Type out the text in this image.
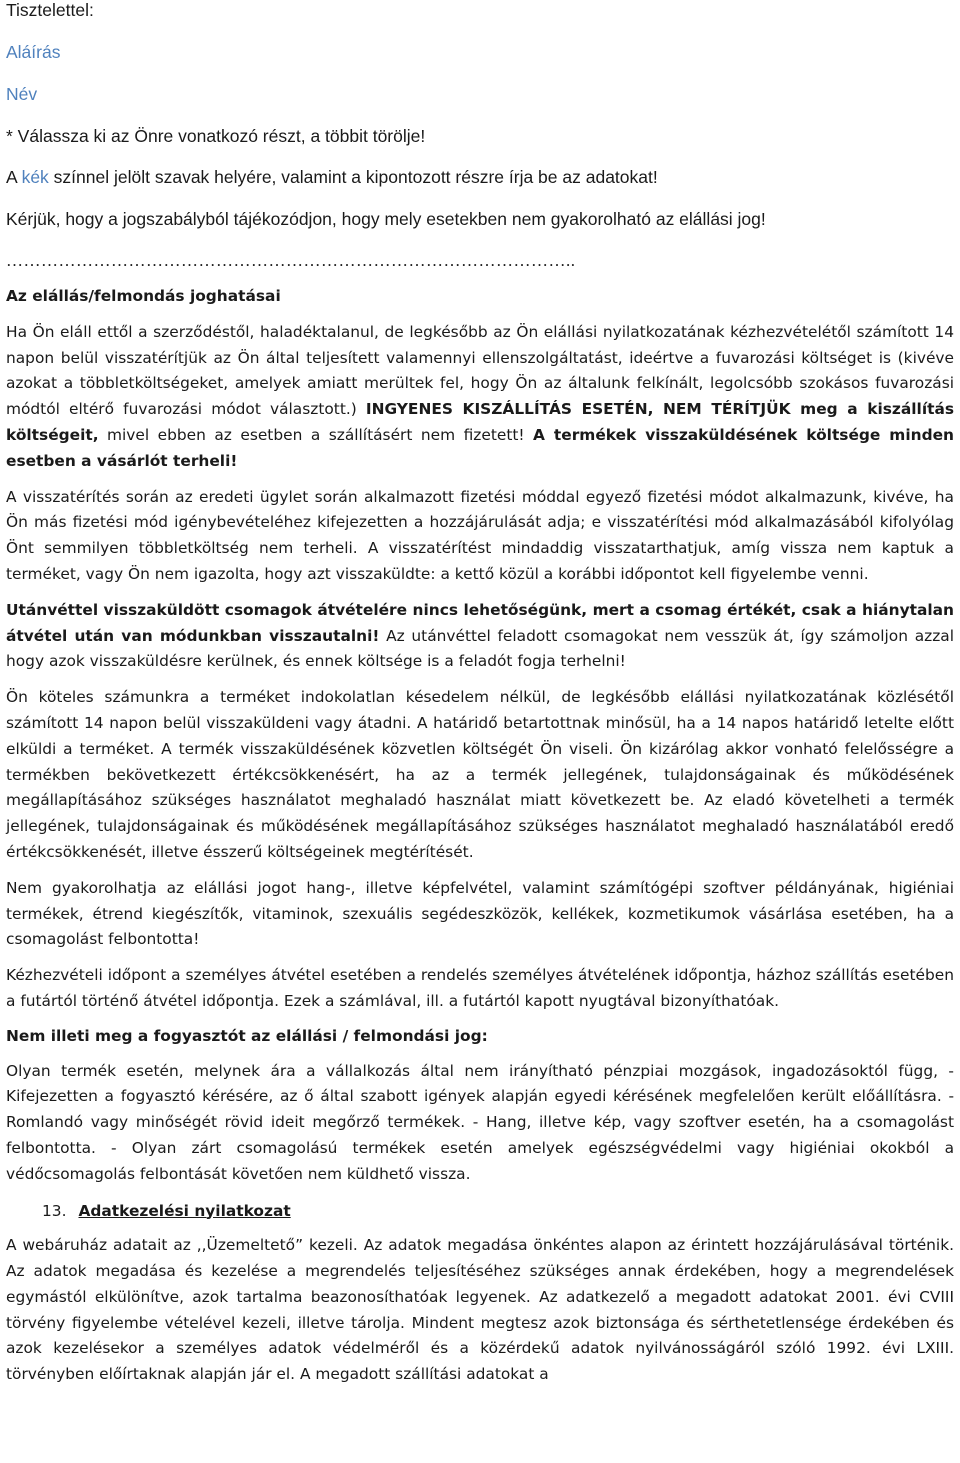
Tisztelettel:

Aláírás

Név

* Válassza ki az Önre vonatkozó részt, a többit törölje!

A kék színnel jelölt szavak helyére, valamint a kipontozott részre írja be az adatokat!

Kérjük, hogy a jogszabályból tájékozódjon, hogy mely esetekben nem gyakorolható az elállási jog!

……………………………………………………………………………………..

Az elállás/felmondás joghatásai

Ha Ön eláll ettől a szerződéstől, haladéktalanul, de legkésőbb az Ön elállási nyilatkozatának kézhezvételétől számított 14 napon belül visszatérítjük az Ön által teljesített valamennyi ellenszolgáltatást, ideértve a fuvarozási költséget is (kivéve azokat a többletköltségeket, amelyek amiatt merültek fel, hogy Ön az általunk felkínált, legolcsóbb szokásos fuvarozási módtól eltérő fuvarozási módot választott.) INGYENES KISZÁLLÍTÁS ESETÉN, NEM TÉRÍTJÜK meg a kiszállítás költségeit, mivel ebben az esetben a szállításért nem fizetett! A termékek visszaküldésének költsége minden esetben a vásárlót terheli!

A visszatérítés során az eredeti ügylet során alkalmazott fizetési móddal egyező fizetési módot alkalmazunk, kivéve, ha Ön más fizetési mód igénybevételéhez kifejezetten a hozzájárulását adja; e visszatérítési mód alkalmazásából kifolyólag Önt semmilyen többletköltség nem terheli. A visszatérítést mindaddig visszatarthatjuk, amíg vissza nem kaptuk a terméket, vagy Ön nem igazolta, hogy azt visszaküldte: a kettő közül a korábbi időpontot kell figyelembe venni.

Utánvéttel visszaküldött csomagok átvételére nincs lehetőségünk, mert a csomag értékét, csak a hiánytalan átvétel után van módunkban visszautalni! Az utánvéttel feladott csomagokat nem vesszük át, így számoljon azzal hogy azok visszaküldésre kerülnek, és ennek költsége is a feladót fogja terhelni!

Ön köteles számunkra a terméket indokolatlan késedelem nélkül, de legkésőbb elállási nyilatkozatának közlésétől számított 14 napon belül visszaküldeni vagy átadni. A határidő betartottnak minősül, ha a 14 napos határidő letelte előtt elküldi a terméket. A termék visszaküldésének közvetlen költségét Ön viseli. Ön kizárólag akkor vonható felelősségre a termékben bekövetkezett értékcsökkenésért, ha az a termék jellegének, tulajdonságainak és működésének megállapításához szükséges használatot meghaladó használat miatt következett be. Az eladó követelheti a termék jellegének, tulajdonságainak és működésének megállapításához szükséges használatot meghaladó használatából eredő értékcsökkenését, illetve ésszerű költségeinek megtérítését.

Nem gyakorolhatja az elállási jogot hang-, illetve képfelvétel, valamint számítógépi szoftver példányának, higiéniai termékek, étrend kiegészítők, vitaminok, szexuális segédeszközök, kellékek, kozmetikumok vásárlása esetében, ha a csomagolást felbontotta!

Kézhezvételi időpont a személyes átvétel esetében a rendelés személyes átvételének időpontja, házhoz szállítás esetében a futártól történő átvétel időpontja. Ezek a számlával, ill. a futártól kapott nyugtával bizonyíthatóak.

Nem illeti meg a fogyasztót az elállási / felmondási jog:

Olyan termék esetén, melynek ára a vállalkozás által nem irányítható pénzpiai mozgások, ingadozásoktól függ, - Kifejezetten a fogyasztó kérésére, az ő által szabott igények alapján egyedi kérésének megfelelően került előállításra. - Romlandó vagy minőségét rövid ideit megőrző termékek. - Hang, illetve kép, vagy szoftver esetén, ha a csomagolást felbontotta. - Olyan zárt csomagolású termékek esetén amelyek egészségvédelmi vagy higiéniai okokból a védőcsomagolás felbontását követően nem küldhető vissza.

13. Adatkezelési nyilatkozat

A webáruház adatait az ,,Üzemeltető” kezeli. Az adatok megadása önkéntes alapon az érintett hozzájárulásával történik. Az adatok megadása és kezelése a megrendelés teljesítéséhez szükséges annak érdekében, hogy a megrendelések egymástól elkülönítve, azok tartalma beazonosíthatóak legyenek. Az adatkezelő a megadott adatokat 2001. évi CVIII törvény figyelembe vételével kezeli, illetve tárolja. Mindent megtesz azok biztonsága és sérthetetlensége érdekében és azok kezelésekor a személyes adatok védelméről és a közérdekű adatok nyilvánosságáról szóló 1992. évi LXIII. törvényben előírtaknak alapján jár el. A megadott szállítási adatokat a
